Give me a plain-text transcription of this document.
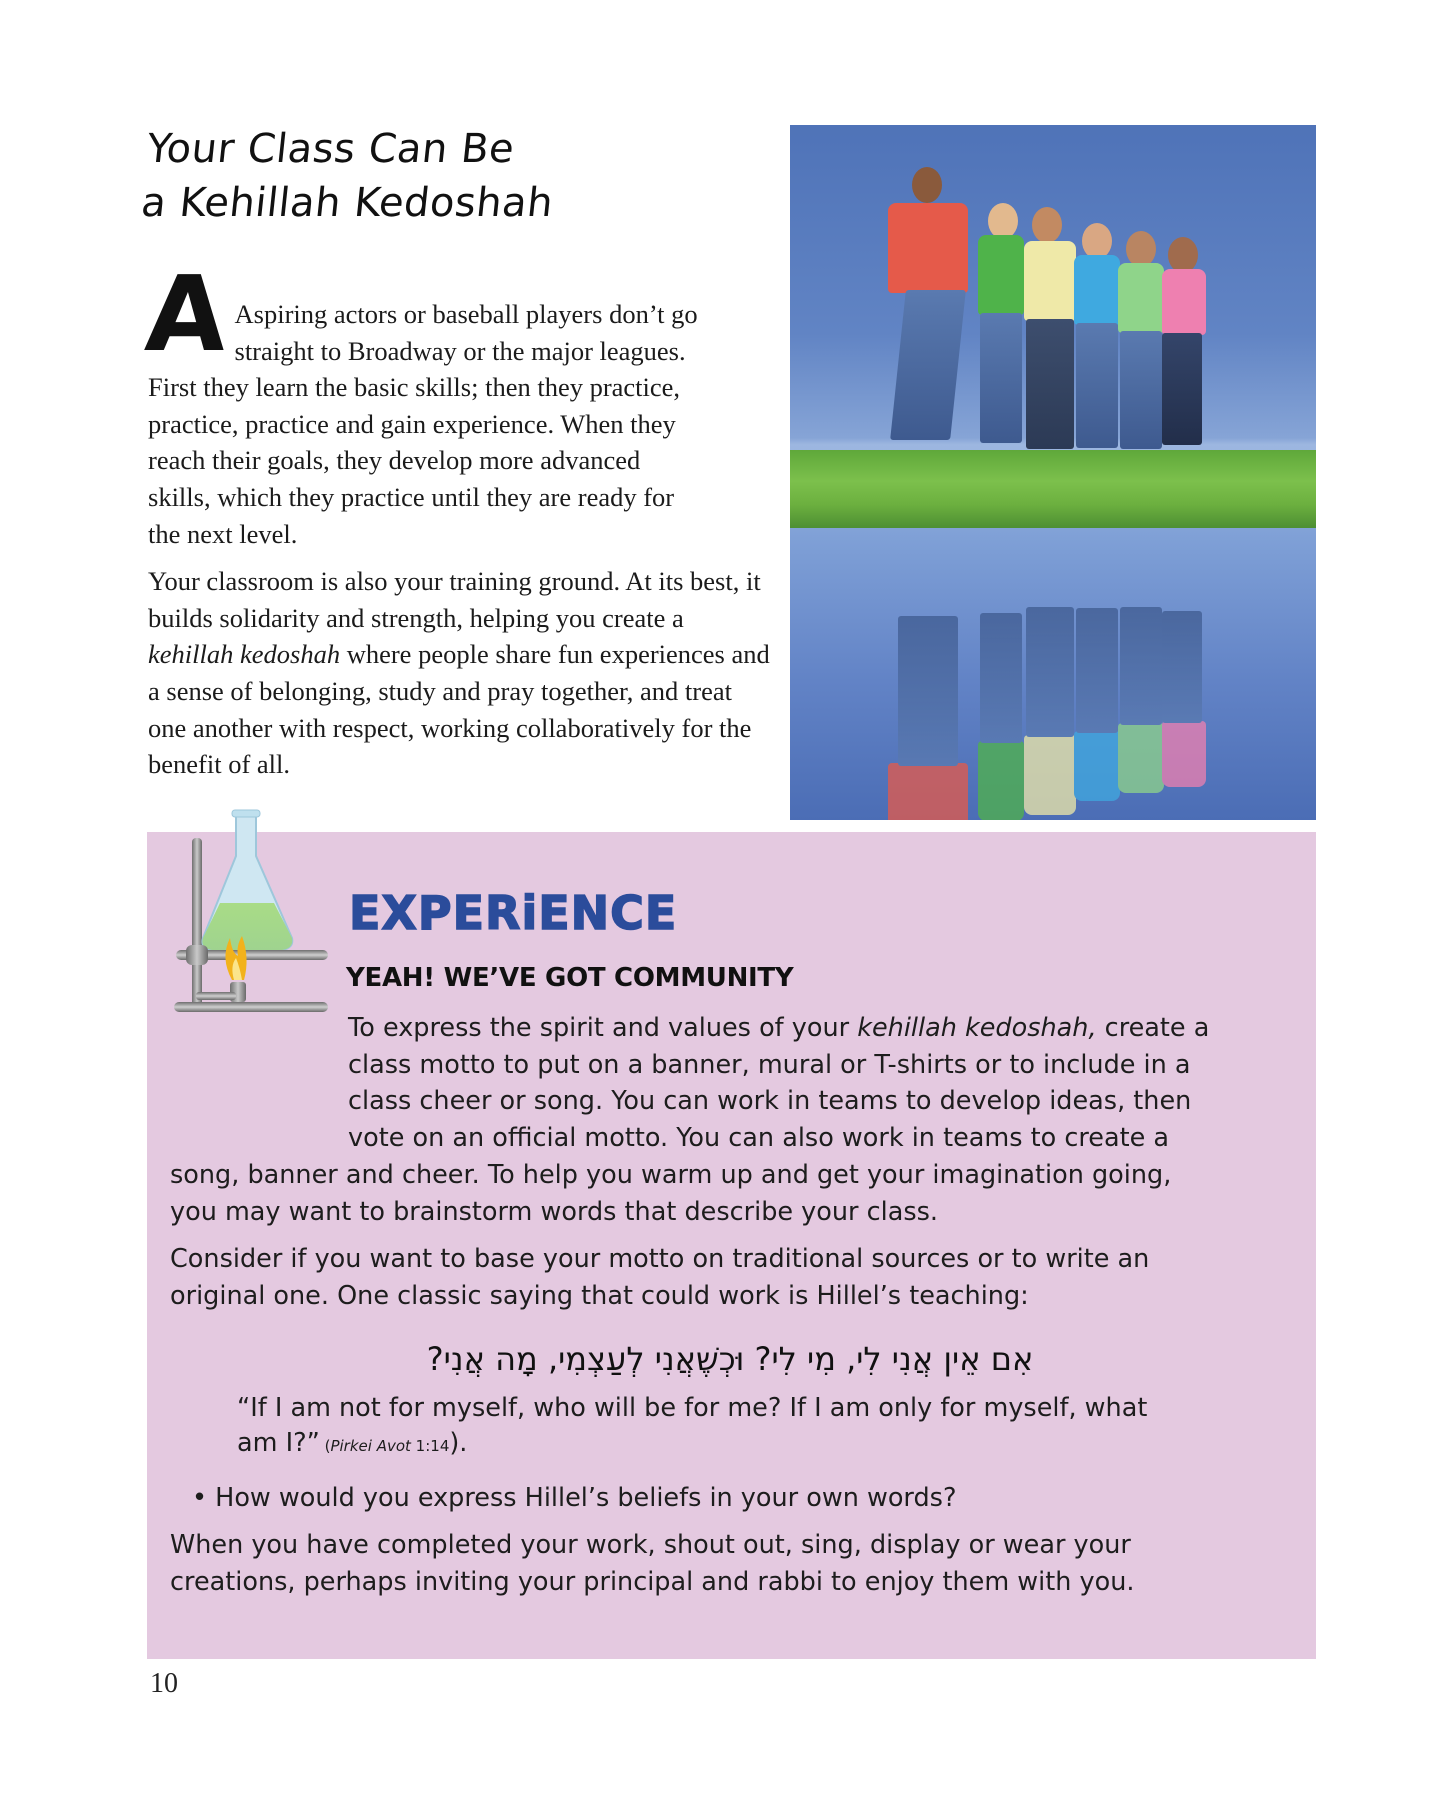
Your Class Can Be
a Kehillah Kedoshah

A Aspiring actors or baseball players don’t go
straight to Broadway or the major leagues.
First they learn the basic skills; then they practice,
practice, practice and gain experience. When they
reach their goals, they develop more advanced
skills, which they practice until they are ready for
the next level.

Your classroom is also your training ground. At its best, it builds solidarity and strength, helping you create a kehillah kedoshah where people share fun experiences and a sense of belonging, study and pray together, and treat one another with respect, working collaboratively for the benefit of all.

EXPERiENCE
YEAH! WE’VE GOT COMMUNITY

To express the spirit and values of your kehillah kedoshah, create a
class motto to put on a banner, mural or T-shirts or to include in a
class cheer or song. You can work in teams to develop ideas, then
vote on an official motto. You can also work in teams to create a
song, banner and cheer. To help you warm up and get your imagination going,
you may want to brainstorm words that describe your class.

Consider if you want to base your motto on traditional sources or to write an
original one. One classic saying that could work is Hillel’s teaching:

אִם אֵין אֲנִי לִי, מִי לִי? וּכְשֶׁאֲנִי לְעַצְמִי, מָה אֲנִי?
“If I am not for myself, who will be for me? If I am only for myself, what
am I?” (Pirkei Avot 1:14).
• How would you express Hillel’s beliefs in your own words?
When you have completed your work, shout out, sing, display or wear your
creations, perhaps inviting your principal and rabbi to enjoy them with you.
10
